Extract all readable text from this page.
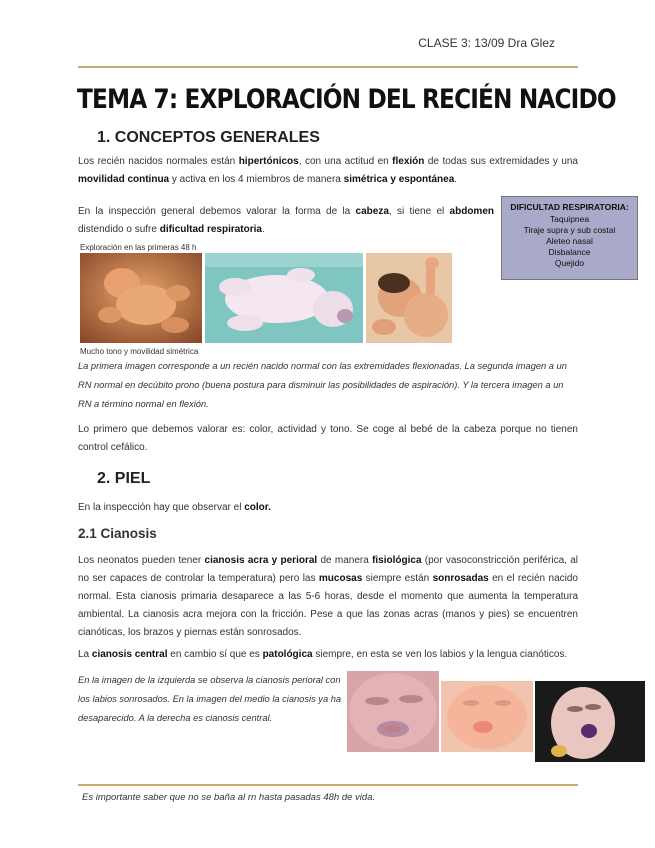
CLASE 3: 13/09 Dra Glez
TEMA 7: EXPLORACIÓN DEL RECIÉN NACIDO
1. CONCEPTOS GENERALES
Los recién nacidos normales están hipertónicos, con una actitud en flexión de todas sus extremidades y una movilidad continua y activa en los 4 miembros de manera simétrica y espontánea.
En la inspección general debemos valorar la forma de la cabeza, si tiene el abdomen distendido o sufre dificultad respiratoria.
DIFICULTAD RESPIRATORIA:
Taquipnea
Tiraje supra y sub costal
Aleteo nasal
Disbalance
Quejido
Exploración en las primeras 48 h
Mucho tono y movilidad simétrica
La primera imagen corresponde a un recién nacido normal con las extremidades flexionadas. La segunda imagen a un RN normal en decúbito prono (buena postura para disminuir las posibilidades de aspiración). Y la tercera imagen a un RN a término normal en flexión.
Lo primero que debemos valorar es: color, actividad y tono. Se coge al bebé de la cabeza porque no tienen control cefálico.
2. PIEL
En la inspección hay que observar el color.
2.1 Cianosis
Los neonatos pueden tener cianosis acra y perioral de manera fisiológica (por vasoconstricción periférica, al no ser capaces de controlar la temperatura) pero las mucosas siempre están sonrosadas en el recién nacido normal. Esta cianosis primaria desaparece a las 5-6 horas, desde el momento que aumenta la temperatura ambiental. La cianosis acra mejora con la fricción. Pese a que las zonas acras (manos y pies) se encuentren cianóticas, los brazos y piernas están sonrosados.
La cianosis central en cambio sí que es patológica siempre, en esta se ven los labios y la lengua cianóticos.
En la imagen de la izquierda se observa la cianosis perioral con los labios sonrosados. En la imagen del medio la cianosis ya ha desaparecido. A la derecha es cianosis central.
Es importante saber que no se baña al rn hasta pasadas 48h de vida.
